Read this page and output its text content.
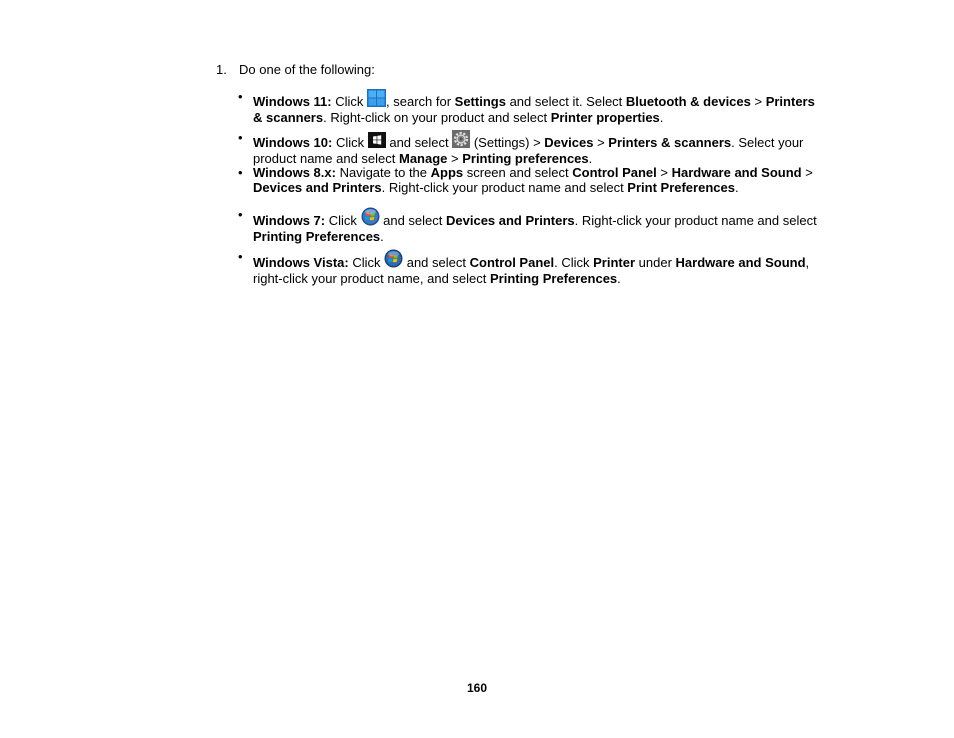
1. Do one of the following:
• Windows 11: Click , search for Settings and select it. Select Bluetooth & devices > Printers & scanners. Right-click on your product and select Printer properties.
• Windows 10: Click  and select  (Settings) > Devices > Printers & scanners. Select your product name and select Manage > Printing preferences.
• Windows 8.x: Navigate to the Apps screen and select Control Panel > Hardware and Sound > Devices and Printers. Right-click your product name and select Print Preferences.
• Windows 7: Click  and select Devices and Printers. Right-click your product name and select Printing Preferences.
• Windows Vista: Click  and select Control Panel. Click Printer under Hardware and Sound, right-click your product name, and select Printing Preferences.
160
